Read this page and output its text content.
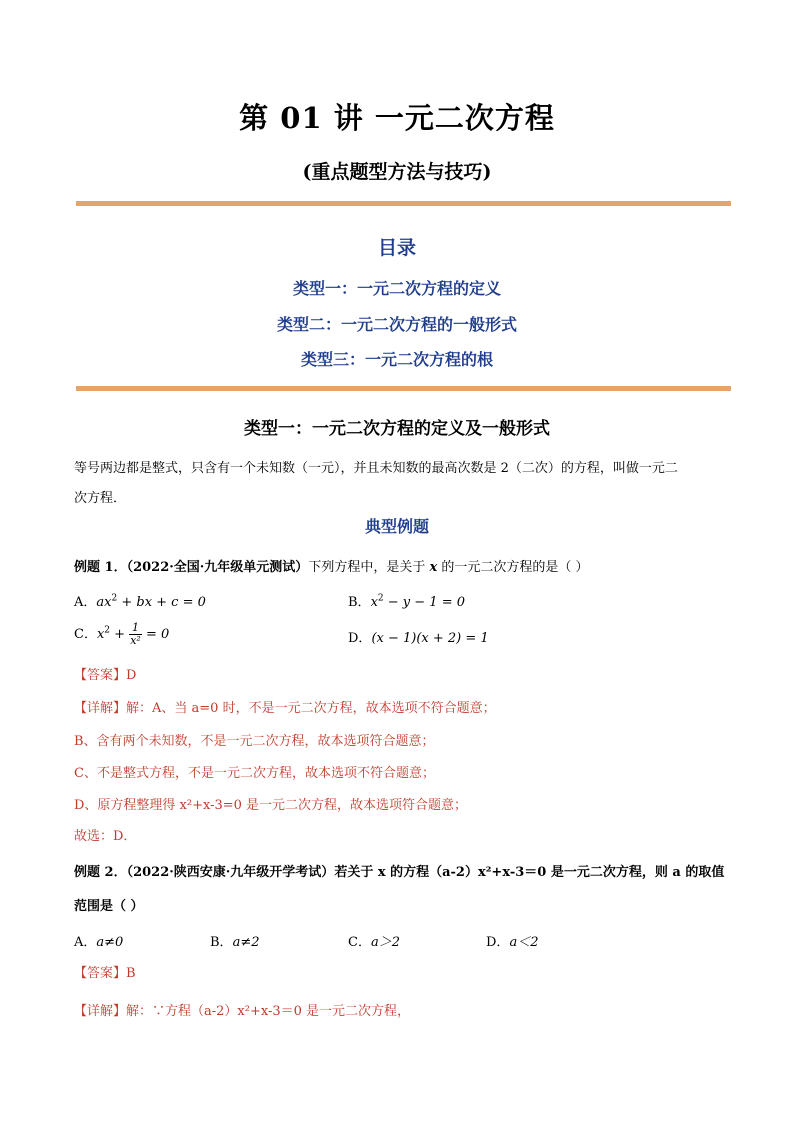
第 01 讲 一元二次方程
(重点题型方法与技巧)
目录
类型一：一元二次方程的定义
类型二：一元二次方程的一般形式
类型三：一元二次方程的根
类型一：一元二次方程的定义及一般形式
等号两边都是整式，只含有一个未知数（一元），并且未知数的最高次数是 2（二次）的方程，叫做一元二
次方程．
典型例题
例题 1．（2022·全国·九年级单元测试）下列方程中，是关于 x 的一元二次方程的是（ ）
A．$ax^2$ + bx + c = 0	B．$x^2 - y - 1 = 0$
C．$x^2 + \frac{1}{\text{x²}} = 0$	D．(x − 1)(x + 2) = 1
【答案】D
【详解】解：A、当 a=0 时，不是一元二次方程，故本选项不符合题意；
B、含有两个未知数，不是一元二次方程，故本选项符合题意；
C、不是整式方程，不是一元二次方程，故本选项不符合题意；
D、原方程整理得 x²+x-3=0 是一元二次方程，故本选项符合题意；
故选：D．
例题 2．（2022·陕西安康·九年级开学考试）若关于 x 的方程（a-2）x²+x-3＝0 是一元二次方程，则 a 的取值
范围是（ ）
A．a≠0	B．a≠2	C．a＞2	D．a＜2
【答案】B
【详解】解：∵方程（a-2）x²+x-3＝0 是一元二次方程，
